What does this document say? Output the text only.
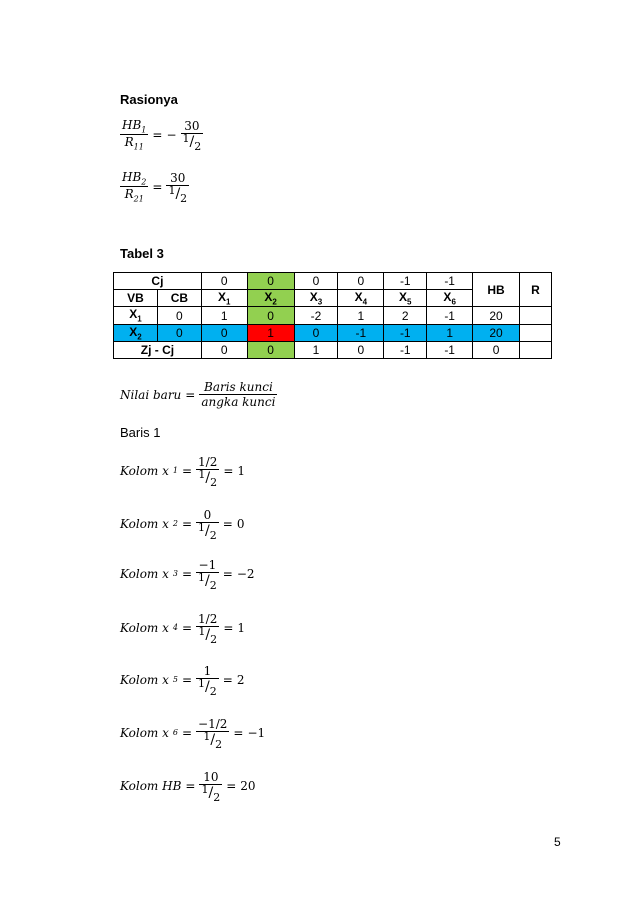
Rasionya
$\frac{HB_1}{R_{11}}$ = − $\frac{30}{1/2}$
$\frac{HB_2}{R_{21}} = \frac{30}{1/2}$
Tabel 3
Cj		0	0	0	0	-1	-1	HB	R
VB	CB	$X_1$	$X_2$	$X_3$	$X_4$	$X_5$	$X_6$
$X_1$	0	1	0	-2	1	2	-1	20	
$X_2$	0	0	1	0	-1	-1	1	20	
Zj - Cj		0	0	1	0	-1	-1	0	
Nilai baru = $\frac{\text{Baris kunci}}{\text{angka kunci}}$
Baris 1
Kolom x $1 = \frac{1/2}{1/2} = 1$
Kolom x $2 = \frac{0}{1/2} = 0$
Kolom x $3 = \frac{-1}{1/2} = -2$
Kolom x $4 = \frac{1/2}{1/2} = 1$
Kolom x $5 = \frac{1}{1/2} = 2$
Kolom x $6 = \frac{-1/2}{1/2} = -1$
Kolom HB = $\frac{10}{1/2} = 20$
5
